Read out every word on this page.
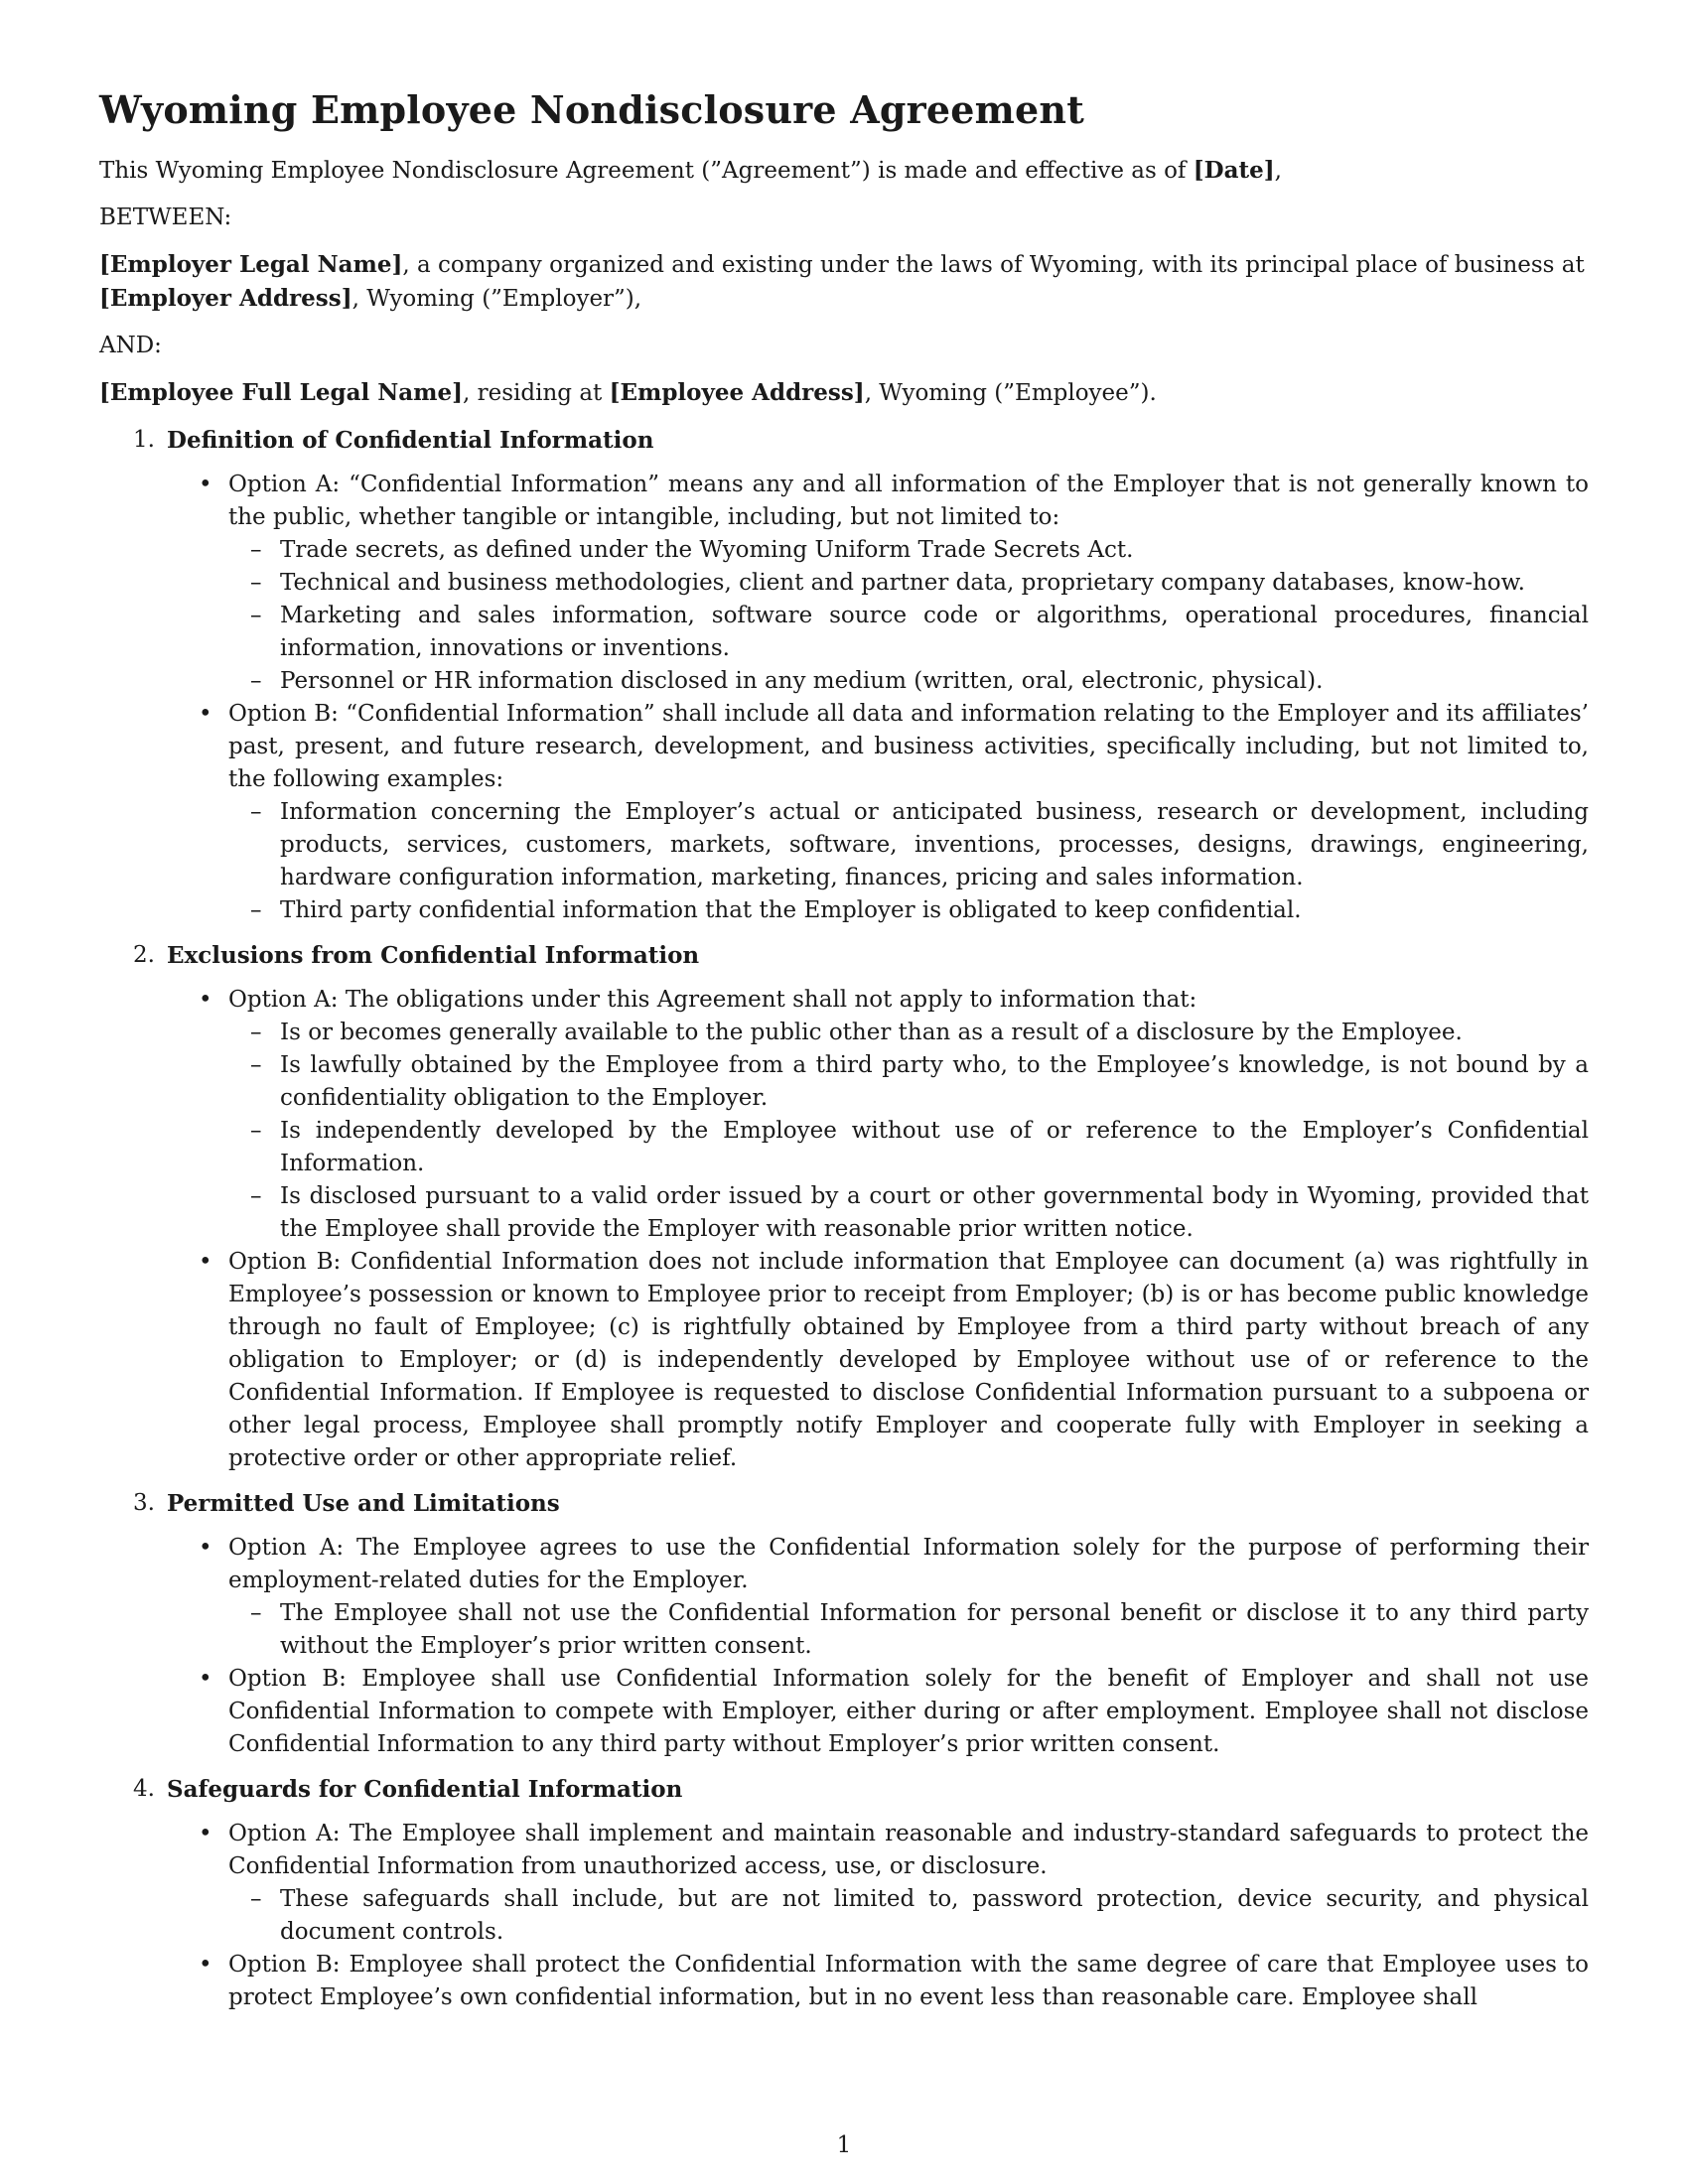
Wyoming Employee Nondisclosure Agreement

This Wyoming Employee Nondisclosure Agreement (”Agreement”) is made and effective as of [Date],

BETWEEN:

[Employer Legal Name], a company organized and existing under the laws of Wyoming, with its principal place of business at [Employer Address], Wyoming (”Employer”),

AND:

[Employee Full Legal Name], residing at [Employee Address], Wyoming (”Employee”).

1. Definition of Confidential Information
• Option A: “Confidential Information” means any and all information of the Employer that is not generally known to the public, whether tangible or intangible, including, but not limited to:
– Trade secrets, as defined under the Wyoming Uniform Trade Secrets Act.
– Technical and business methodologies, client and partner data, proprietary company databases, know-how.
– Marketing and sales information, software source code or algorithms, operational procedures, financial information, innovations or inventions.
– Personnel or HR information disclosed in any medium (written, oral, electronic, physical).
• Option B: “Confidential Information” shall include all data and information relating to the Employer and its affiliates’ past, present, and future research, development, and business activities, specifically including, but not limited to, the following examples:
– Information concerning the Employer’s actual or anticipated business, research or development, including products, services, customers, markets, software, inventions, processes, designs, drawings, engineering, hardware configuration information, marketing, finances, pricing and sales information.
– Third party confidential information that the Employer is obligated to keep confidential.
2. Exclusions from Confidential Information
• Option A: The obligations under this Agreement shall not apply to information that:
– Is or becomes generally available to the public other than as a result of a disclosure by the Employee.
– Is lawfully obtained by the Employee from a third party who, to the Employee’s knowledge, is not bound by a confidentiality obligation to the Employer.
– Is independently developed by the Employee without use of or reference to the Employer’s Confidential Information.
– Is disclosed pursuant to a valid order issued by a court or other governmental body in Wyoming, provided that the Employee shall provide the Employer with reasonable prior written notice.
• Option B: Confidential Information does not include information that Employee can document (a) was rightfully in Employee’s possession or known to Employee prior to receipt from Employer; (b) is or has become public knowledge through no fault of Employee; (c) is rightfully obtained by Employee from a third party without breach of any obligation to Employer; or (d) is independently developed by Employee without use of or reference to the Confidential Information. If Employee is requested to disclose Confidential Information pursuant to a subpoena or other legal process, Employee shall promptly notify Employer and cooperate fully with Employer in seeking a protective order or other appropriate relief.
3. Permitted Use and Limitations
• Option A: The Employee agrees to use the Confidential Information solely for the purpose of performing their employment-related duties for the Employer.
– The Employee shall not use the Confidential Information for personal benefit or disclose it to any third party without the Employer’s prior written consent.
• Option B: Employee shall use Confidential Information solely for the benefit of Employer and shall not use Confidential Information to compete with Employer, either during or after employment. Employee shall not disclose Confidential Information to any third party without Employer’s prior written consent.
4. Safeguards for Confidential Information
• Option A: The Employee shall implement and maintain reasonable and industry-standard safeguards to protect the Confidential Information from unauthorized access, use, or disclosure.
– These safeguards shall include, but are not limited to, password protection, device security, and physical document controls.
• Option B: Employee shall protect the Confidential Information with the same degree of care that Employee uses to protect Employee’s own confidential information, but in no event less than reasonable care. Employee shall
1
